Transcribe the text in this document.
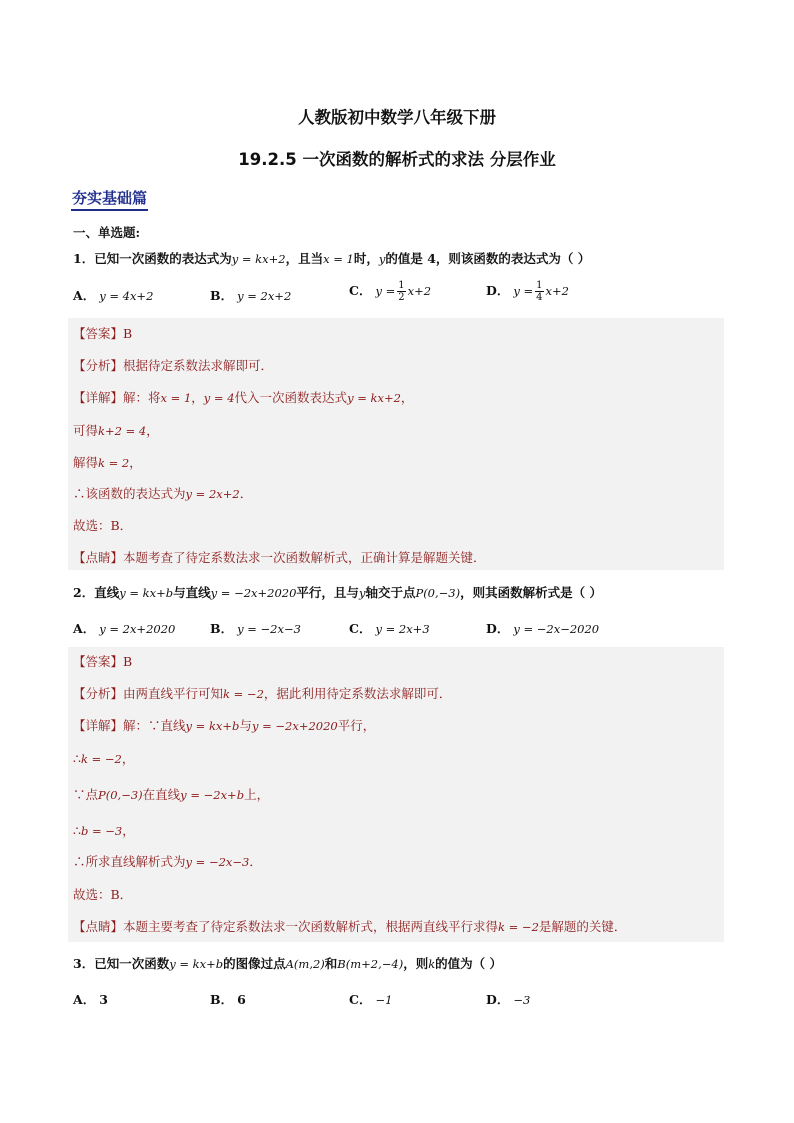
人教版初中数学八年级下册
19.2.5 一次函数的解析式的求法 分层作业
夯实基础篇
一、单选题:
1．已知一次函数的表达式为y = kx+2，且当x = 1时，y的值是 4，则该函数的表达式为（ ）
A． y = 4x+2	B． y = 2x+2	C． $y = \frac{1}{2} x+2$	D． $y = \frac{1}{4} x+2$
【答案】B
【分析】根据待定系数法求解即可．
【详解】解：将x = 1，y = 4代入一次函数表达式y = kx+2，
可得k+2 = 4，
解得k = 2，
∴该函数的表达式为y = 2x+2．
故选：B．
【点睛】本题考查了待定系数法求一次函数解析式，正确计算是解题关键．
2．直线y = kx+b与直线y = −2x+2020平行，且与y轴交于点P(0,−3)，则其函数解析式是（ ）
A． y = 2x+2020	B． y = −2x−3	C． y = 2x+3	D． y = −2x−2020
【答案】B
【分析】由两直线平行可知k = −2，据此利用待定系数法求解即可．
【详解】解：∵直线y = kx+b与y = −2x+2020平行，
∴k = −2，
∵点P(0,−3)在直线y = −2x+b上，
∴b = −3，
∴所求直线解析式为y = −2x−3．
故选：B．
【点睛】本题主要考查了待定系数法求一次函数解析式，根据两直线平行求得k = −2是解题的关键．
3．已知一次函数y = kx+b的图像过点A(m,2)和B(m+2,−4)，则k的值为（ ）
A． 3	B． 6	C． −1	D． −3
